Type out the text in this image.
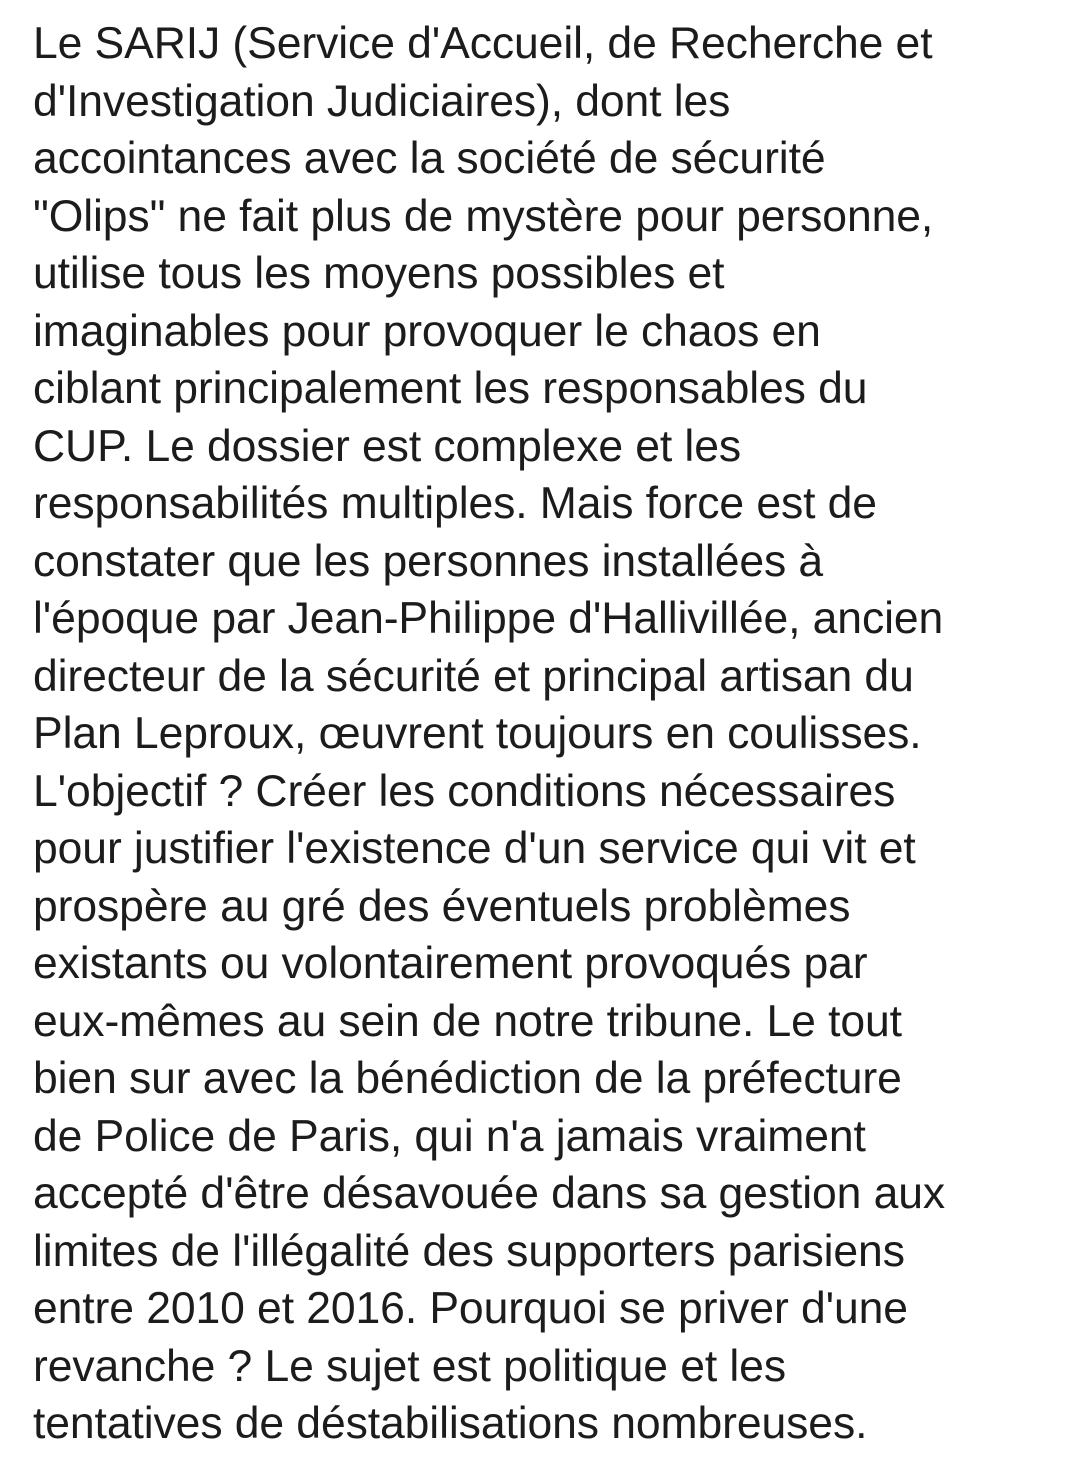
Le SARIJ (Service d'Accueil, de Recherche et
d'Investigation Judiciaires), dont les
accointances avec la société de sécurité
"Olips" ne fait plus de mystère pour personne,
utilise tous les moyens possibles et
imaginables pour provoquer le chaos en
ciblant principalement les responsables du
CUP. Le dossier est complexe et les
responsabilités multiples. Mais force est de
constater que les personnes installées à
l'époque par Jean-Philippe d'Hallivillée, ancien
directeur de la sécurité et principal artisan du
Plan Leproux, œuvrent toujours en coulisses.
L'objectif ? Créer les conditions nécessaires
pour justifier l'existence d'un service qui vit et
prospère au gré des éventuels problèmes
existants ou volontairement provoqués par
eux-mêmes au sein de notre tribune. Le tout
bien sur avec la bénédiction de la préfecture
de Police de Paris, qui n'a jamais vraiment
accepté d'être désavouée dans sa gestion aux
limites de l'illégalité des supporters parisiens
entre 2010 et 2016. Pourquoi se priver d'une
revanche ? Le sujet est politique et les
tentatives de déstabilisations nombreuses.
